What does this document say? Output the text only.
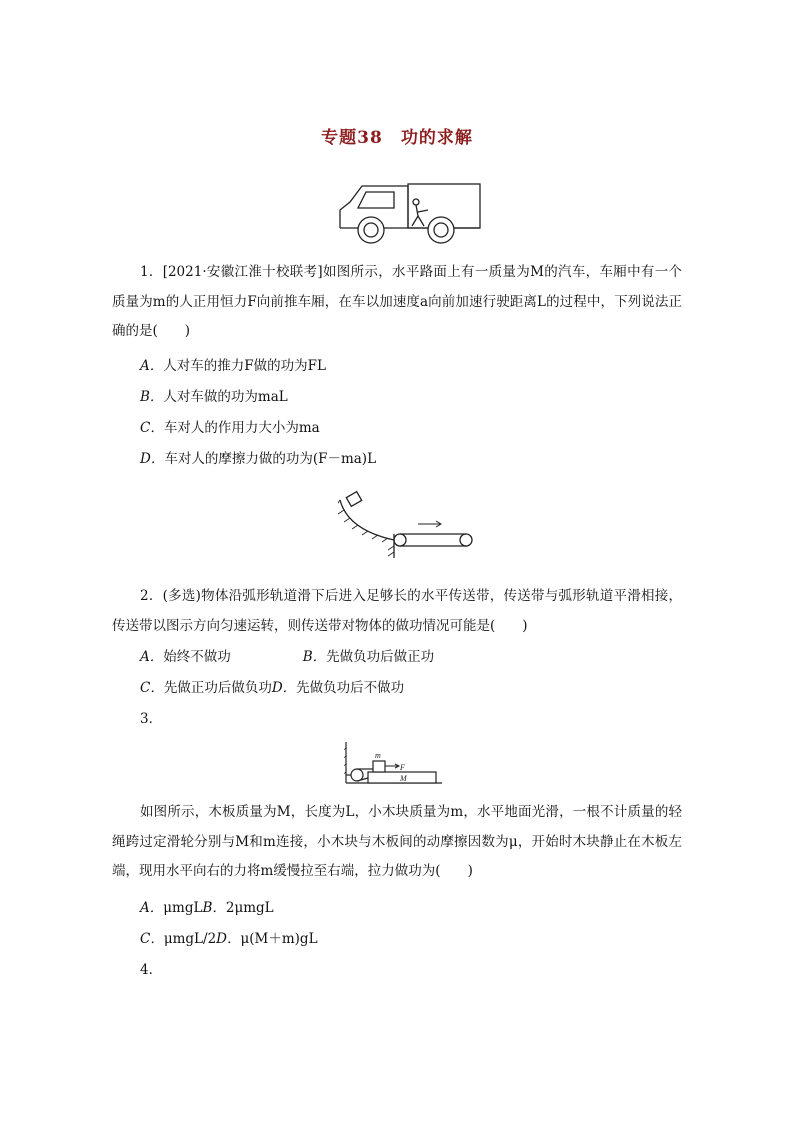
专题38　功的求解
1．[2021·安徽江淮十校联考]如图所示，水平路面上有一质量为M的汽车，车厢中有一个质量为m的人正用恒力F向前推车厢，在车以加速度a向前加速行驶距离L的过程中，下列说法正确的是(　　)
A．人对车的推力F做的功为FL
B．人对车做的功为maL
C．车对人的作用力大小为ma
D．车对人的摩擦力做的功为(F－ma)L
2．(多选)物体沿弧形轨道滑下后进入足够长的水平传送带，传送带与弧形轨道平滑相接，传送带以图示方向匀速运转，则传送带对物体的做功情况可能是(　　)
A．始终不做功	B．先做负功后做正功
C．先做正功后做负功D．先做负功后不做功
3．
m
F
M
如图所示，木板质量为M，长度为L，小木块质量为m，水平地面光滑，一根不计质量的轻绳跨过定滑轮分别与M和m连接，小木块与木板间的动摩擦因数为μ，开始时木块静止在木板左端，现用水平向右的力将m缓慢拉至右端，拉力做功为(　　)
A．μmgLB．2μmgL
C．μmgL/2D．μ(M＋m)gL
4．
